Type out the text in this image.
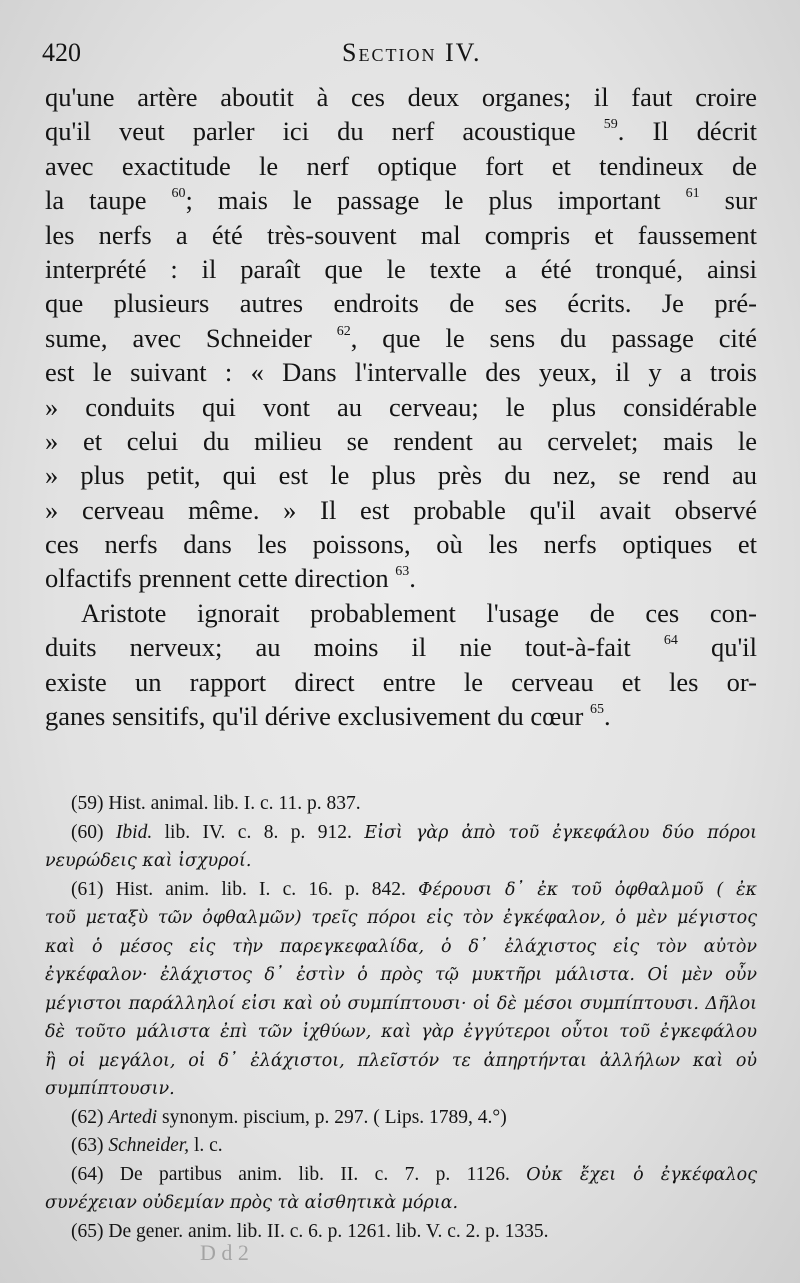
420	Section IV.
qu'une artère aboutit à ces deux organes; il faut croire
qu'il veut parler ici du nerf acoustique $^{59}$. Il décrit
avec exactitude le nerf optique fort et tendineux de
la taupe $^{60}$; mais le passage le plus important $^{61}$ sur
les nerfs a été très-souvent mal compris et faussement
interprété : il paraît que le texte a été tronqué, ainsi
que plusieurs autres endroits de ses écrits. Je pré-
sume, avec Schneider $^{62}$, que le sens du passage cité
est le suivant : « Dans l'intervalle des yeux, il y a trois
» conduits qui vont au cerveau; le plus considérable
» et celui du milieu se rendent au cervelet; mais le
» plus petit, qui est le plus près du nez, se rend au
» cerveau même. » Il est probable qu'il avait observé
ces nerfs dans les poissons, où les nerfs optiques et
olfactifs prennent cette direction $^{63}$.
Aristote ignorait probablement l'usage de ces con-
duits nerveux; au moins il nie tout-à-fait $^{64}$ qu'il
existe un rapport direct entre le cerveau et les or-
ganes sensitifs, qu'il dérive exclusivement du cœur $^{65}$.
(59) Hist. animal. lib. I. c. 11. p. 837.
(60) Ibid. lib. IV. c. 8. p. 912. Εἰσὶ γὰρ ἀπὸ τοῦ ἐγκεφάλου δύο πόροι
νευρώδεις καὶ ἰσχυροί.
(61) Hist. anim. lib. I. c. 16. p. 842. Φέρουσι δ᾽ ἐκ τοῦ ὀφθαλμοῦ ( ἐκ
τοῦ μεταξὺ τῶν ὀφθαλμῶν) τρεῖς πόροι εἰς τὸν ἐγκέφαλον, ὁ μὲν μέγιστος
καὶ ὁ μέσος εἰς τὴν παρεγκεφαλίδα, ὁ δ᾽ ἐλάχιστος εἰς τὸν αὐτὸν
ἐγκέφαλον· ἐλάχιστος δ᾽ ἐστὶν ὁ πρὸς τῷ μυκτῆρι μάλιστα. Οἱ μὲν οὖν
μέγιστοι παράλληλοί εἰσι καὶ οὐ συμπίπτουσι· οἱ δὲ μέσοι συμπίπτουσι. Δῆλοι
δὲ τοῦτο μάλιστα ἐπὶ τῶν ἰχθύων, καὶ γὰρ ἐγγύτεροι οὗτοι τοῦ ἐγκεφάλου
ἢ οἱ μεγάλοι, οἱ δ᾽ ἐλάχιστοι, πλεῖστόν τε ἀπηρτήνται ἀλλήλων καὶ οὐ
συμπίπτουσιν.
(62) Artedi synonym. piscium, p. 297. ( Lips. 1789, 4.°)
(63) Schneider, l. c.
(64) De partibus anim. lib. II. c. 7. p. 1126. Οὐκ ἔχει ὁ ἐγκέφαλος
συνέχειαν οὐδεμίαν πρὸς τὰ αἰσθητικὰ μόρια.
(65) De gener. anim. lib. II. c. 6. p. 1261. lib. V. c. 2. p. 1335.
D d 2
